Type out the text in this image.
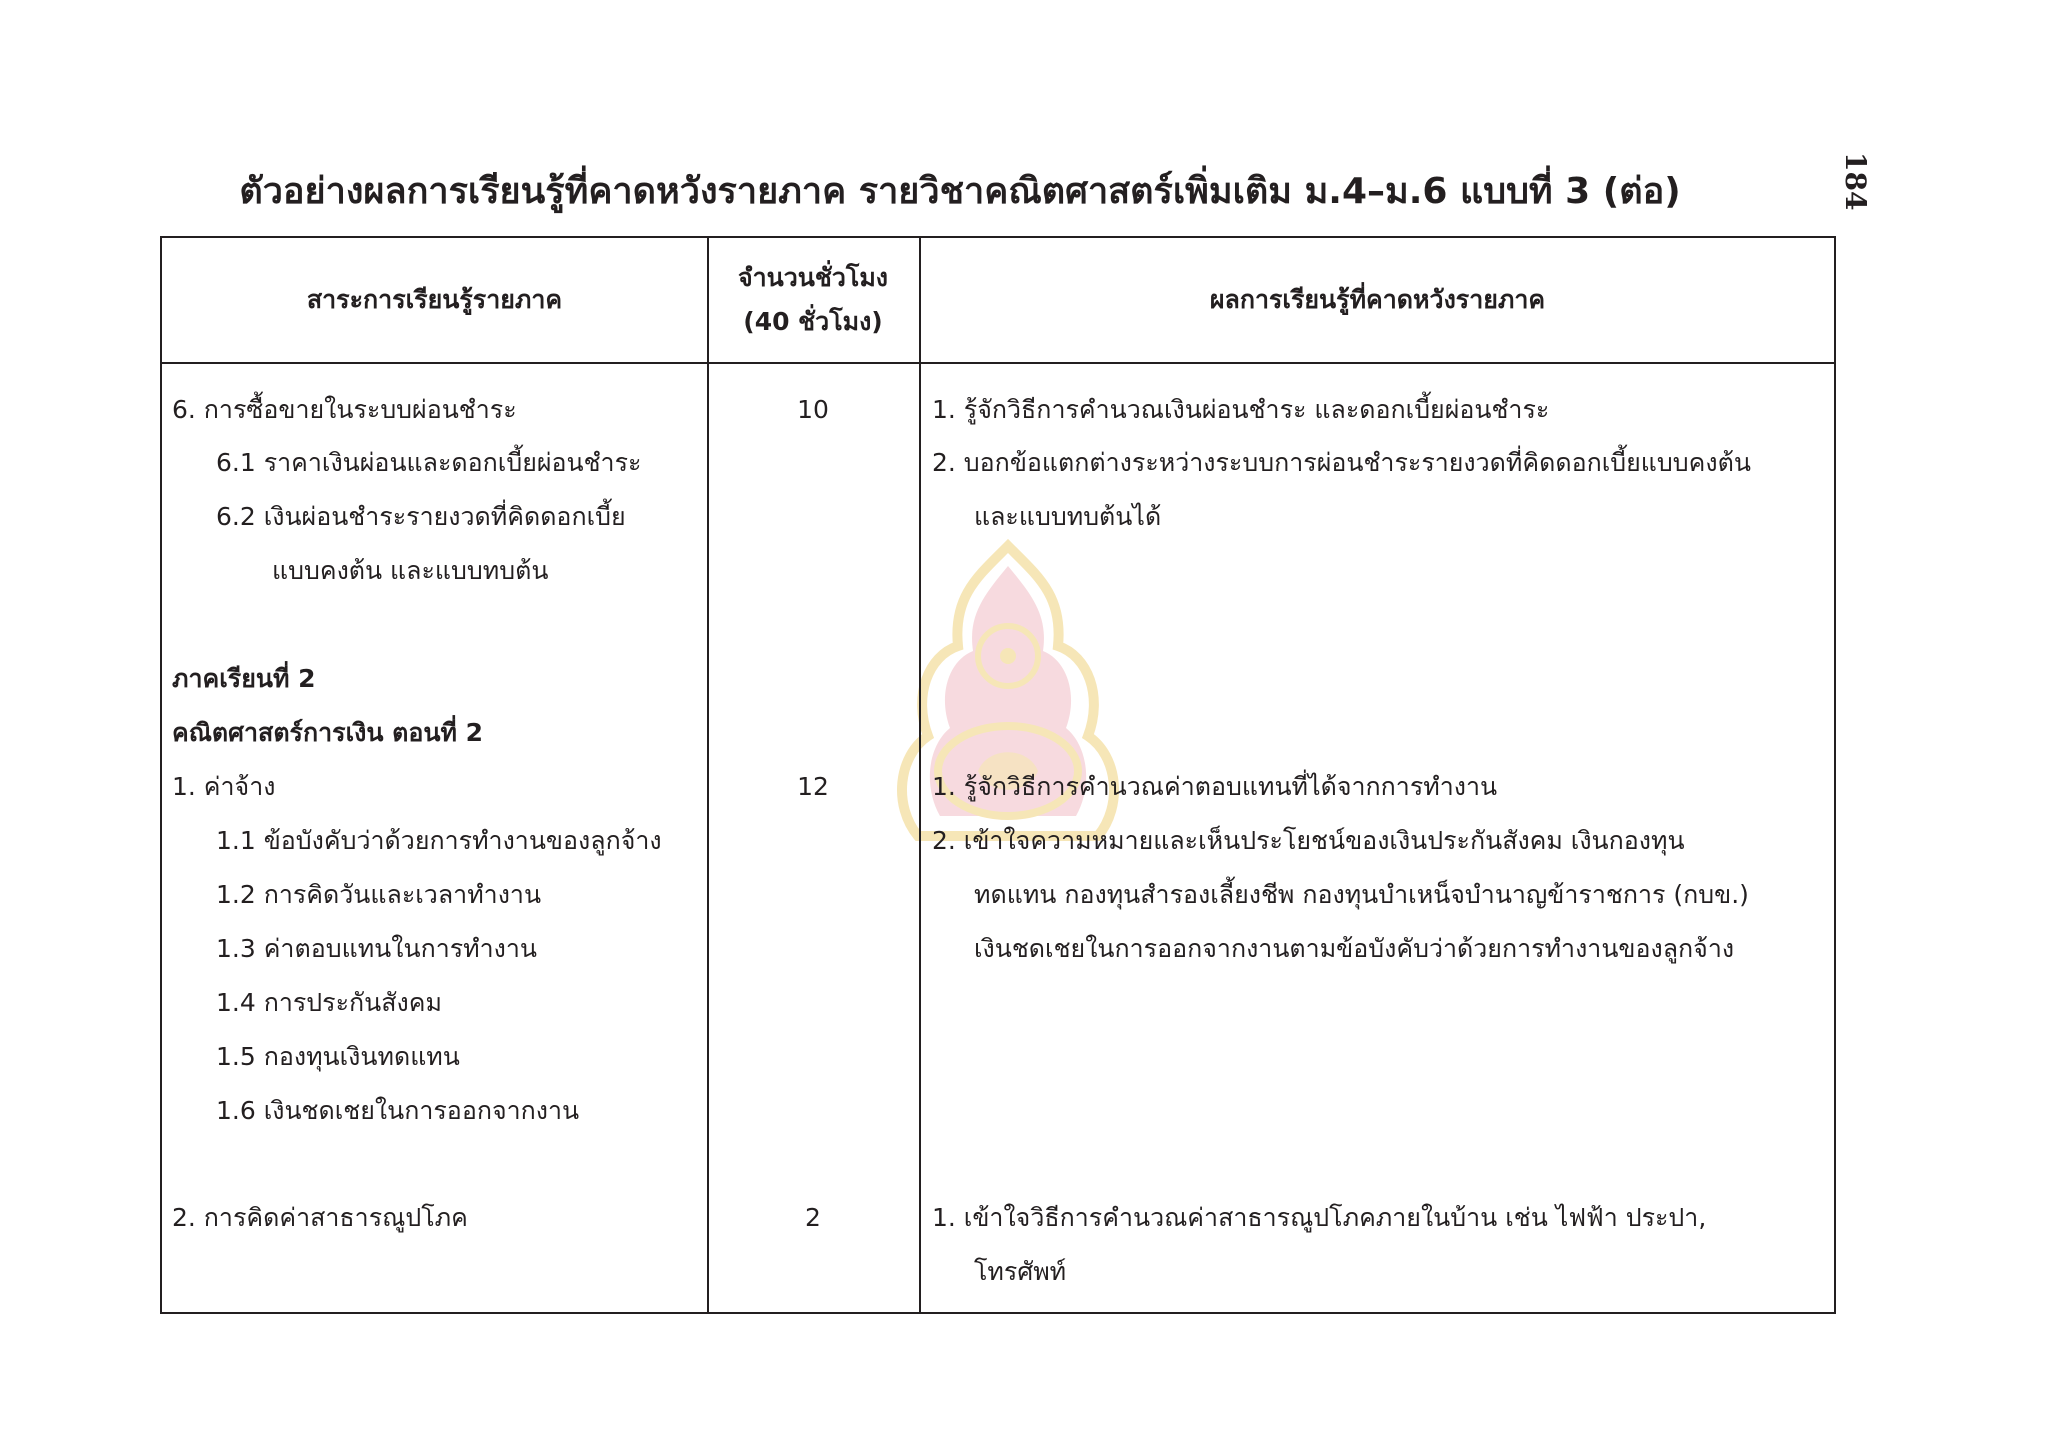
ตัวอย่างผลการเรียนรู้ที่คาดหวังรายภาค รายวิชาคณิตศาสตร์เพิ่มเติม ม.4–ม.6 แบบที่ 3 (ต่อ)	184
สาระการเรียนรู้รายภาค
จำนวนชั่วโมง
(40 ชั่วโมง)
ผลการเรียนรู้ที่คาดหวังรายภาค
6. การซื้อขายในระบบผ่อนชำระ
6.1 ราคาเงินผ่อนและดอกเบี้ยผ่อนชำระ
6.2 เงินผ่อนชำระรายงวดที่คิดดอกเบี้ย
แบบคงต้น และแบบทบต้น
ภาคเรียนที่ 2
คณิตศาสตร์การเงิน ตอนที่ 2
1. ค่าจ้าง
1.1 ข้อบังคับว่าด้วยการทำงานของลูกจ้าง
1.2 การคิดวันและเวลาทำงาน
1.3 ค่าตอบแทนในการทำงาน
1.4 การประกันสังคม
1.5 กองทุนเงินทดแทน
1.6 เงินชดเชยในการออกจากงาน
2. การคิดค่าสาธารณูปโภค
10
12
2
1. รู้จักวิธีการคำนวณเงินผ่อนชำระ และดอกเบี้ยผ่อนชำระ
2. บอกข้อแตกต่างระหว่างระบบการผ่อนชำระรายงวดที่คิดดอกเบี้ยแบบคงต้น
และแบบทบต้นได้
1. รู้จักวิธีการคำนวณค่าตอบแทนที่ได้จากการทำงาน
2. เข้าใจความหมายและเห็นประโยชน์ของเงินประกันสังคม เงินกองทุน
ทดแทน กองทุนสำรองเลี้ยงชีพ กองทุนบำเหน็จบำนาญข้าราชการ (กบข.)
เงินชดเชยในการออกจากงานตามข้อบังคับว่าด้วยการทำงานของลูกจ้าง
1. เข้าใจวิธีการคำนวณค่าสาธารณูปโภคภายในบ้าน เช่น ไฟฟ้า ประปา,
โทรศัพท์
